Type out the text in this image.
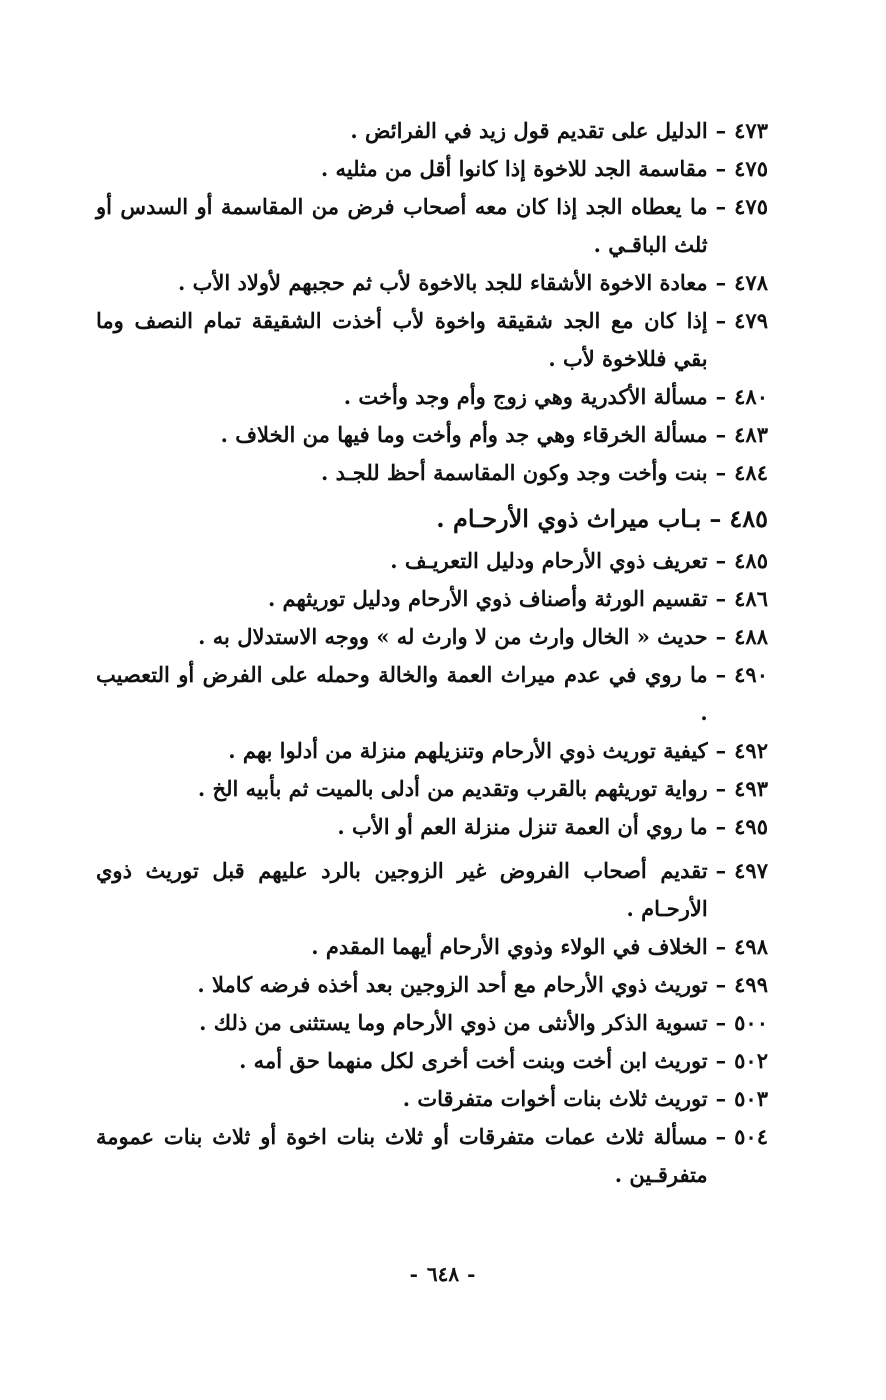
٤٧٣
–
الدليل على تقديم قول زيد في الفرائض .
٤٧٥
–
مقاسمة الجد للاخوة إذا كانوا أقل من مثليه .
٤٧٥
–
ما يعطاه الجد إذا كان معه أصحاب فرض من المقاسمة أو السدس أو ثلث الباقـي .
٤٧٨
–
معادة الاخوة الأشقاء للجد بالاخوة لأب ثم حجبهم لأولاد الأب .
٤٧٩
–
إذا كان مع الجد شقيقة واخوة لأب أخذت الشقيقة تمام النصف وما بقي فللاخوة لأب .
٤٨٠
–
مسألة الأكدرية وهي زوج وأم وجد وأخت .
٤٨٣
–
مسألة الخرقاء وهي جد وأم وأخت وما فيها من الخلاف .
٤٨٤
–
بنت وأخت وجد وكون المقاسمة أحظ للجـد .
٤٨٥
–
بـاب ميراث ذوي الأرحـام .
٤٨٥
–
تعريف ذوي الأرحام ودليل التعريـف .
٤٨٦
–
تقسيم الورثة وأصناف ذوي الأرحام ودليل توريثهم .
٤٨٨
–
حديث « الخال وارث من لا وارث له » ووجه الاستدلال به .
٤٩٠
–
ما روي في عدم ميراث العمة والخالة وحمله على الفرض أو التعصيب .
٤٩٢
–
كيفية توريث ذوي الأرحام وتنزيلهم منزلة من أدلوا بهم .
٤٩٣
–
رواية توريثهم بالقرب وتقديم من أدلى بالميت ثم بأبيه الخ .
٤٩٥
–
ما روي أن العمة تنزل منزلة العم أو الأب .
٤٩٧
–
تقديم أصحاب الفروض غير الزوجين بالرد عليهم قبل توريث ذوي الأرحـام .
٤٩٨
–
الخلاف في الولاء وذوي الأرحام أيهما المقدم .
٤٩٩
–
توريث ذوي الأرحام مع أحد الزوجين بعد أخذه فرضه كاملا .
٥٠٠
–
تسوية الذكر والأنثى من ذوي الأرحام وما يستثنى من ذلك .
٥٠٢
–
توريث ابن أخت وبنت أخت أخرى لكل منهما حق أمه .
٥٠٣
–
توريث ثلاث بنات أخوات متفرقات .
٥٠٤
–
مسألة ثلاث عمات متفرقات أو ثلاث بنات اخوة أو ثلاث بنات عمومة متفرقـين .
-٦٤٨-
